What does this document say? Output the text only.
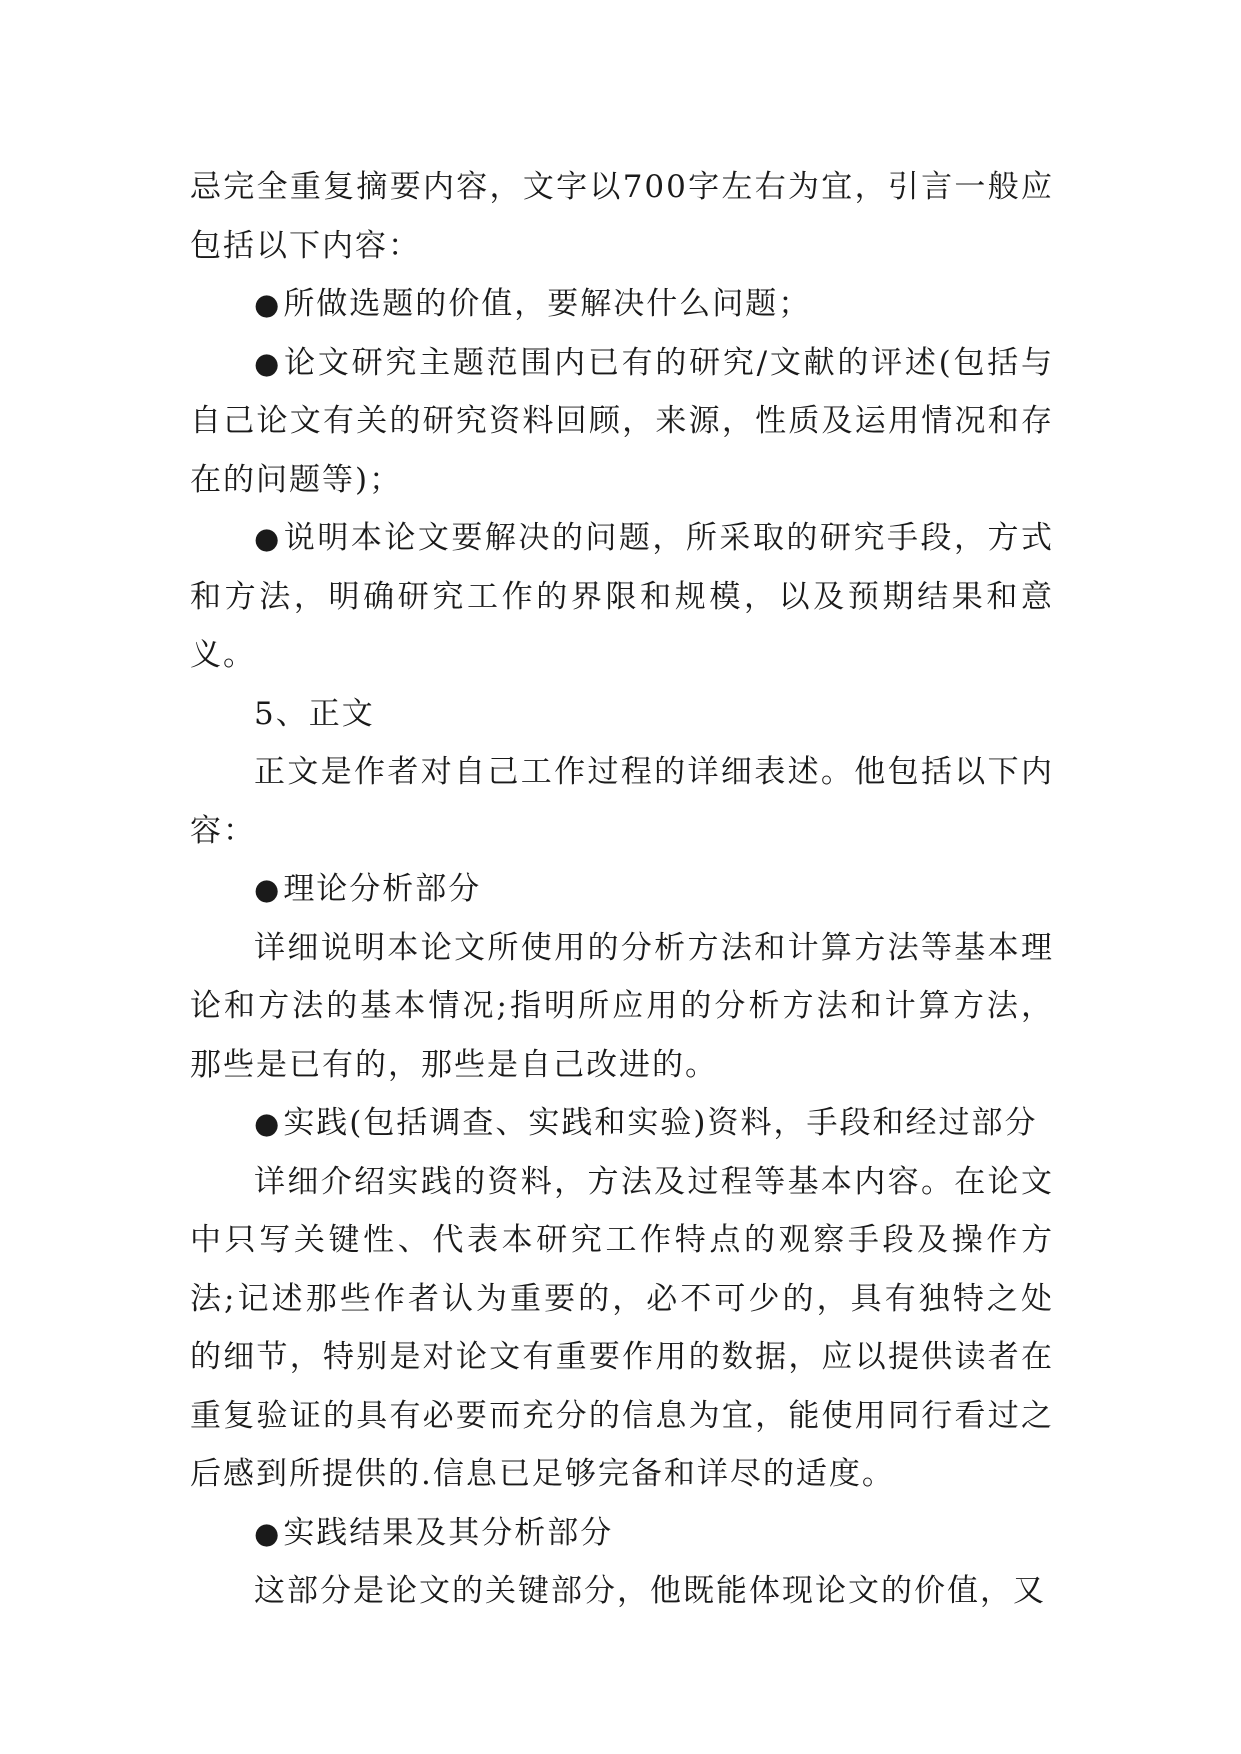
忌完全重复摘要内容，文字以700字左右为宜，引言一般应包括以下内容：

●所做选题的价值，要解决什么问题；

●论文研究主题范围内已有的研究/文献的评述(包括与自己论文有关的研究资料回顾，来源，性质及运用情况和存在的问题等)；

●说明本论文要解决的问题，所采取的研究手段，方式和方法，明确研究工作的界限和规模，以及预期结果和意义。

5、正文

正文是作者对自己工作过程的详细表述。他包括以下内容：

●理论分析部分

详细说明本论文所使用的分析方法和计算方法等基本理论和方法的基本情况;指明所应用的分析方法和计算方法，那些是已有的，那些是自己改进的。

●实践(包括调查、实践和实验)资料，手段和经过部分

详细介绍实践的资料，方法及过程等基本内容。在论文中只写关键性、代表本研究工作特点的观察手段及操作方法;记述那些作者认为重要的，必不可少的，具有独特之处的细节，特别是对论文有重要作用的数据，应以提供读者在重复验证的具有必要而充分的信息为宜，能使用同行看过之后感到所提供的.信息已足够完备和详尽的适度。

●实践结果及其分析部分

这部分是论文的关键部分，他既能体现论文的价值，又
